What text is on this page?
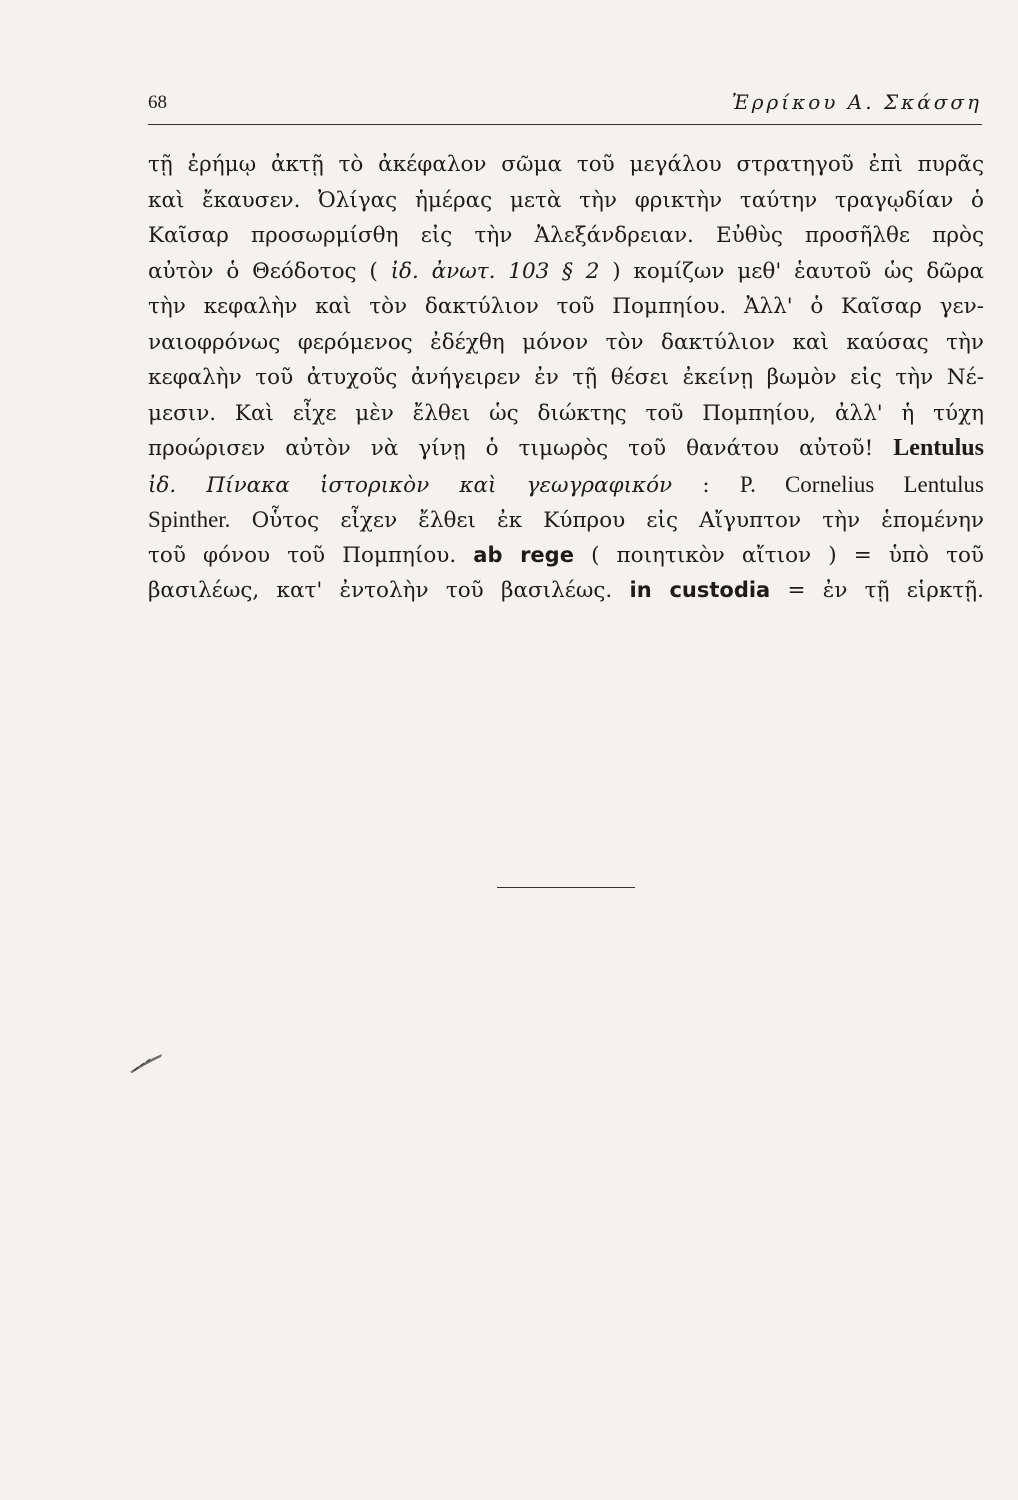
68	Ἐρρίκου Α. Σκάσση
τῇ ἐρήμῳ ἀκτῇ τὸ ἀκέφαλον σῶμα τοῦ μεγάλου στρατηγοῦ ἐπὶ πυρᾶς
καὶ ἔκαυσεν. Ὀλίγας ἡμέρας μετὰ τὴν φρικτὴν ταύτην τραγῳδίαν ὁ
Καῖσαρ προσωρμίσθη εἰς τὴν Ἀλεξάνδρειαν. Εὐθὺς προσῆλθε πρὸς
αὐτὸν ὁ Θεόδοτος ( ἰδ. ἀνωτ. 103 § 2 ) κομίζων μεθ' ἑαυτοῦ ὡς δῶρα
τὴν κεφαλὴν καὶ τὸν δακτύλιον τοῦ Πομπηίου. Ἀλλ' ὁ Καῖσαρ γεν-
ναιοφρόνως φερόμενος ἐδέχθη μόνον τὸν δακτύλιον καὶ καύσας τὴν
κεφαλὴν τοῦ ἀτυχοῦς ἀνήγειρεν ἐν τῇ θέσει ἐκείνῃ βωμὸν εἰς τὴν Νέ-
μεσιν. Καὶ εἶχε μὲν ἔλθει ὡς διώκτης τοῦ Πομπηίου, ἀλλ' ἡ τύχη
προώρισεν αὐτὸν νὰ γίνῃ ὁ τιμωρὸς τοῦ θανάτου αὐτοῦ! Lentulus
ἰδ. Πίνακα ἱστορικὸν καὶ γεωγραφικόν : P. Cornelius Lentulus
Spinther. Οὗτος εἶχεν ἔλθει ἐκ Κύπρου εἰς Αἴγυπτον τὴν ἑπομένην
τοῦ φόνου τοῦ Πομπηίου. ab rege ( ποιητικὸν αἴτιον ) = ὑπὸ τοῦ
βασιλέως, κατ' ἐντολὴν τοῦ βασιλέως. in custodia = ἐν τῇ εἱρκτῇ.
